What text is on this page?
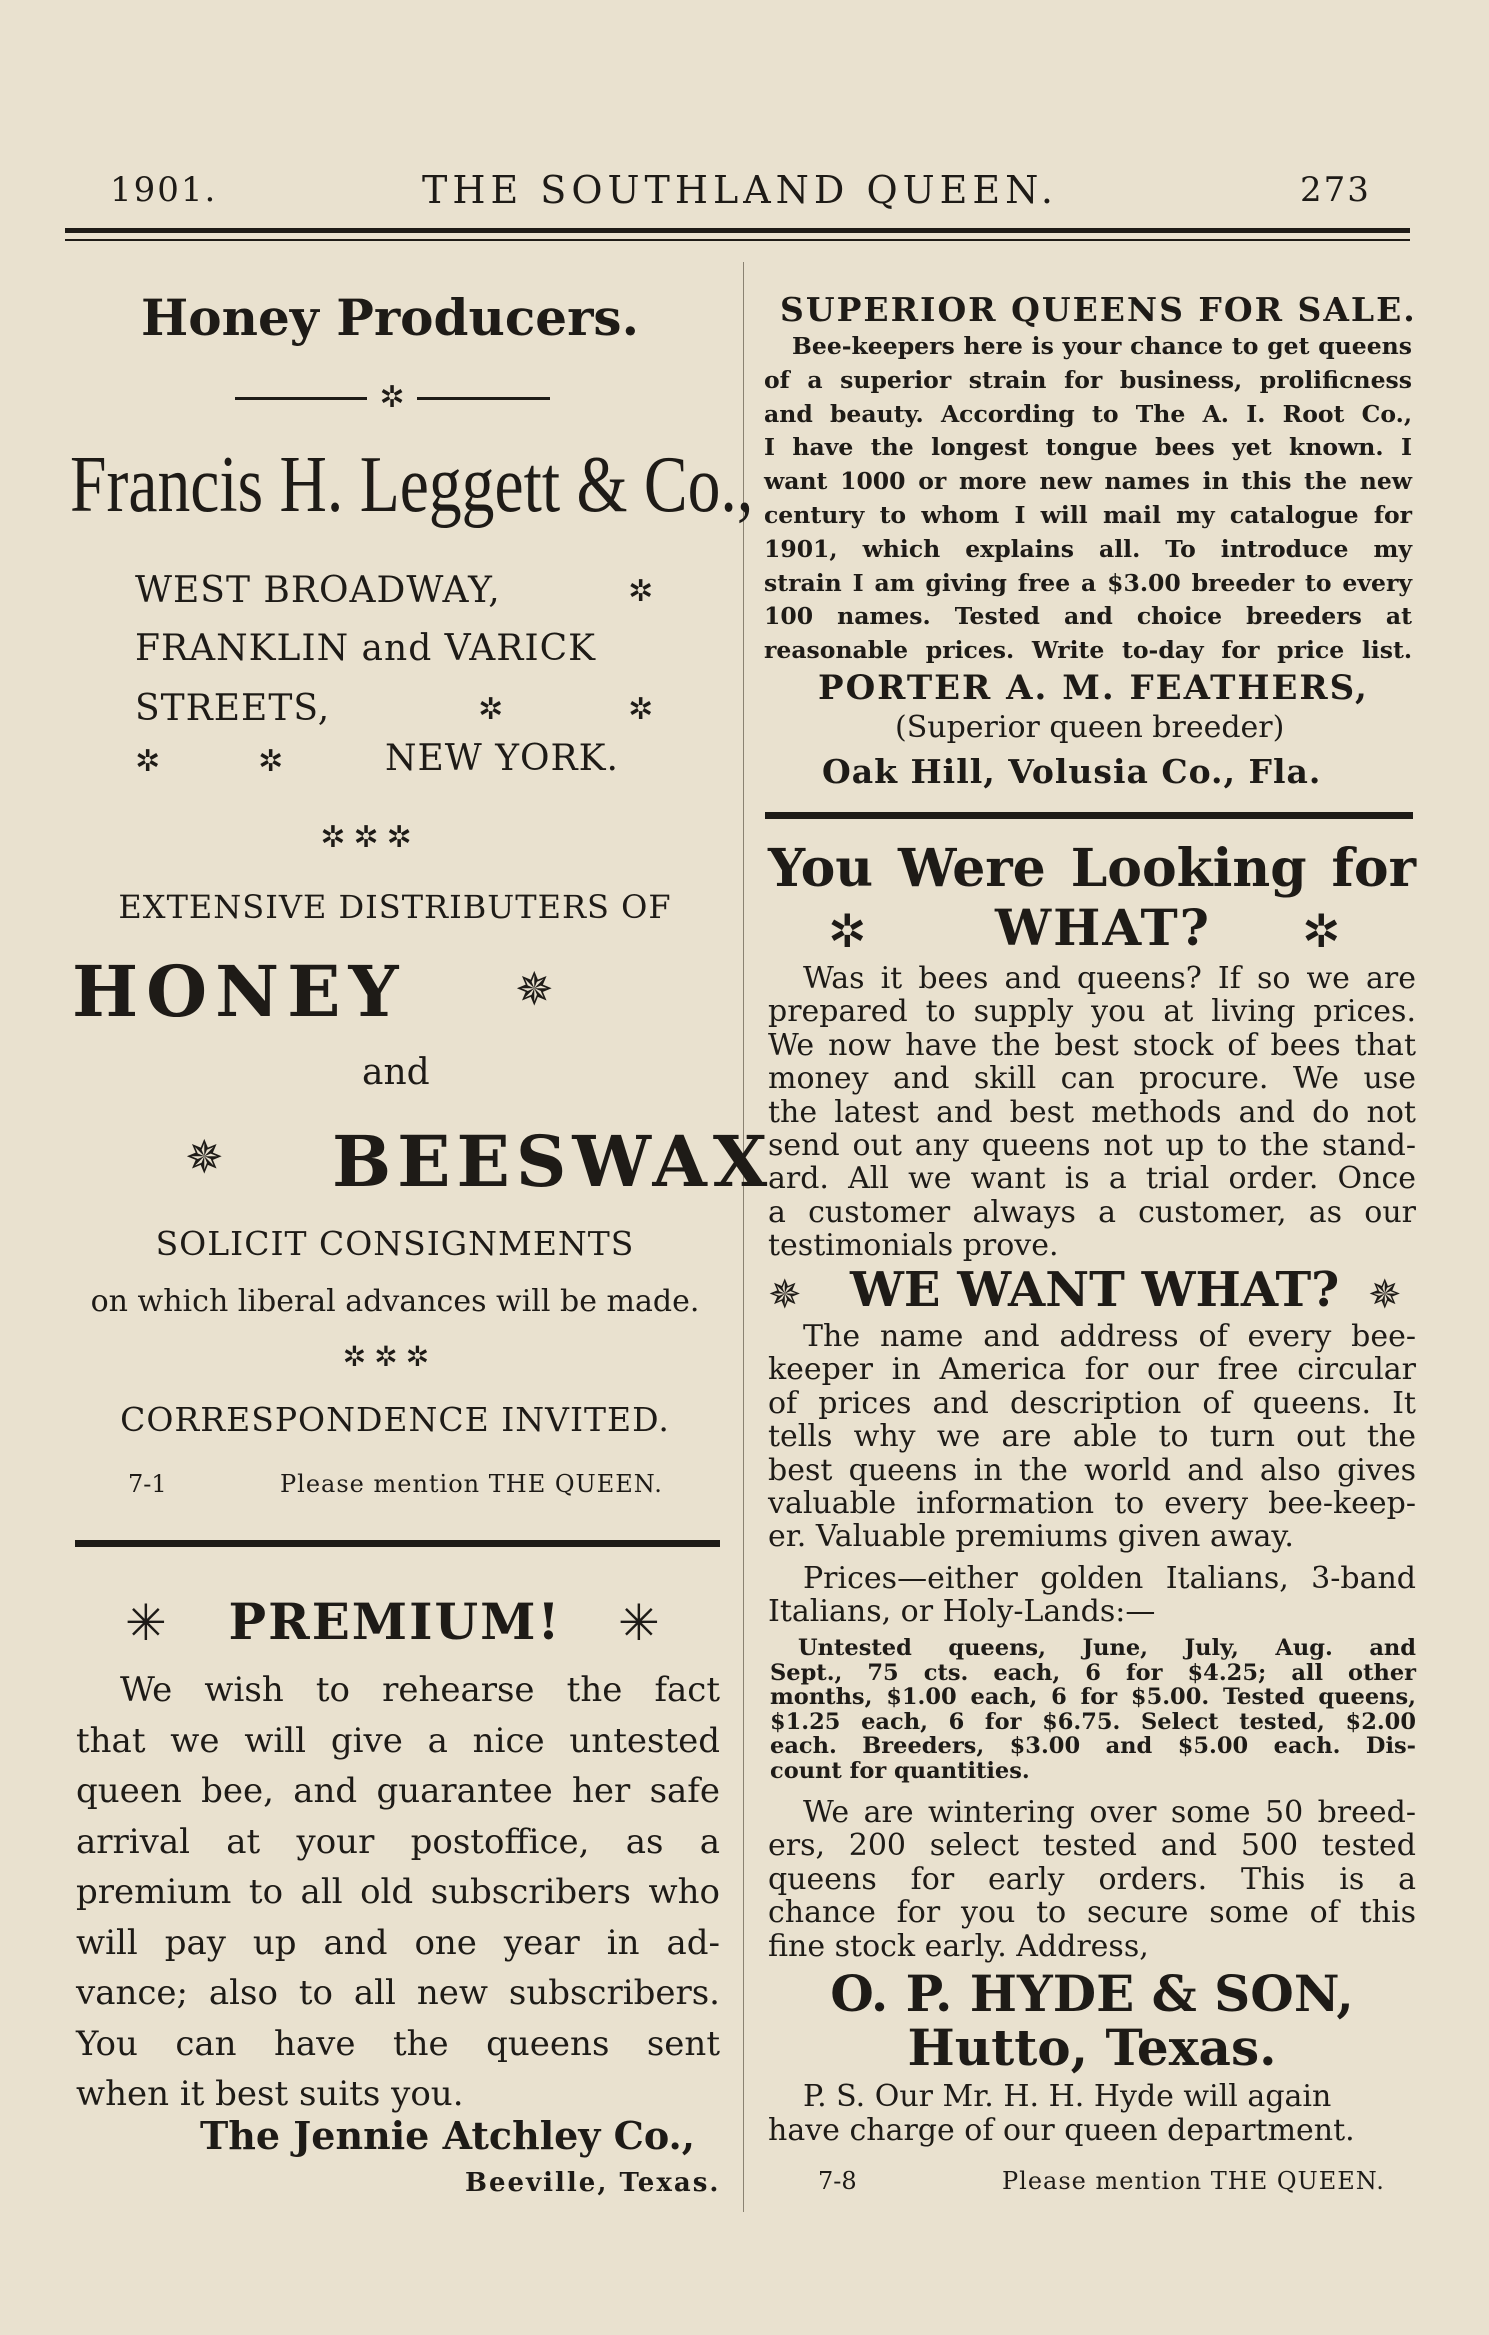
1901.	THE SOUTHLAND QUEEN.	273
Honey Producers.
✲
Francis H. Leggett & Co.,
WEST BROADWAY,	✲
FRANKLIN and VARICK
STREETS,	✲	✲
✲	✲	NEW YORK.
✲✲✲
EXTENSIVE DISTRIBUTERS OF
HONEY ✵
and
✵ BEESWAX
SOLICIT CONSIGNMENTS
on which liberal advances will be made.
✲✲✲
CORRESPONDENCE INVITED.
7-1	Please mention THE QUEEN.
✳ PREMIUM! ✳
We wish to rehearse the fact
that we will give a nice untested
queen bee, and guarantee her safe
arrival at your postoffice, as a
premium to all old subscribers who
will pay up and one year in ad-
vance; also to all new subscribers.
You can have the queens sent
when it best suits you.
The Jennie Atchley Co.,
Beeville, Texas.
SUPERIOR QUEENS FOR SALE.
Bee-keepers here is your chance to get queens
of a superior strain for business, prolificness
and beauty. According to The A. I. Root Co.,
I have the longest tongue bees yet known. I
want 1000 or more new names in this the new
century to whom I will mail my catalogue for
1901, which explains all. To introduce my
strain I am giving free a $3.00 breeder to every
100 names. Tested and choice breeders at
reasonable prices. Write to-day for price list.
PORTER A. M. FEATHERS,
(Superior queen breeder)
Oak Hill, Volusia Co., Fla.
You Were Looking for
✲	WHAT? ✲
Was it bees and queens? If so we are
prepared to supply you at living prices.
We now have the best stock of bees that
money and skill can procure. We use
the latest and best methods and do not
send out any queens not up to the stand-
ard. All we want is a trial order. Once
a customer always a customer, as our
testimonials prove.
✵ WE WANT WHAT? ✵
The name and address of every bee-
keeper in America for our free circular
of prices and description of queens. It
tells why we are able to turn out the
best queens in the world and also gives
valuable information to every bee-keep-
er. Valuable premiums given away.
Prices—either golden Italians, 3-band
Italians, or Holy-Lands:—
Untested queens, June, July, Aug. and
Sept., 75 cts. each, 6 for $4.25; all other
months, $1.00 each, 6 for $5.00. Tested queens,
$1.25 each, 6 for $6.75. Select tested, $2.00
each. Breeders, $3.00 and $5.00 each. Dis-
count for quantities.
We are wintering over some 50 breed-
ers, 200 select tested and 500 tested
queens for early orders. This is a
chance for you to secure some of this
fine stock early. Address,
O. P. HYDE & SON,
Hutto, Texas.
P. S. Our Mr. H. H. Hyde will again
have charge of our queen department.
7-8	Please mention THE QUEEN.
